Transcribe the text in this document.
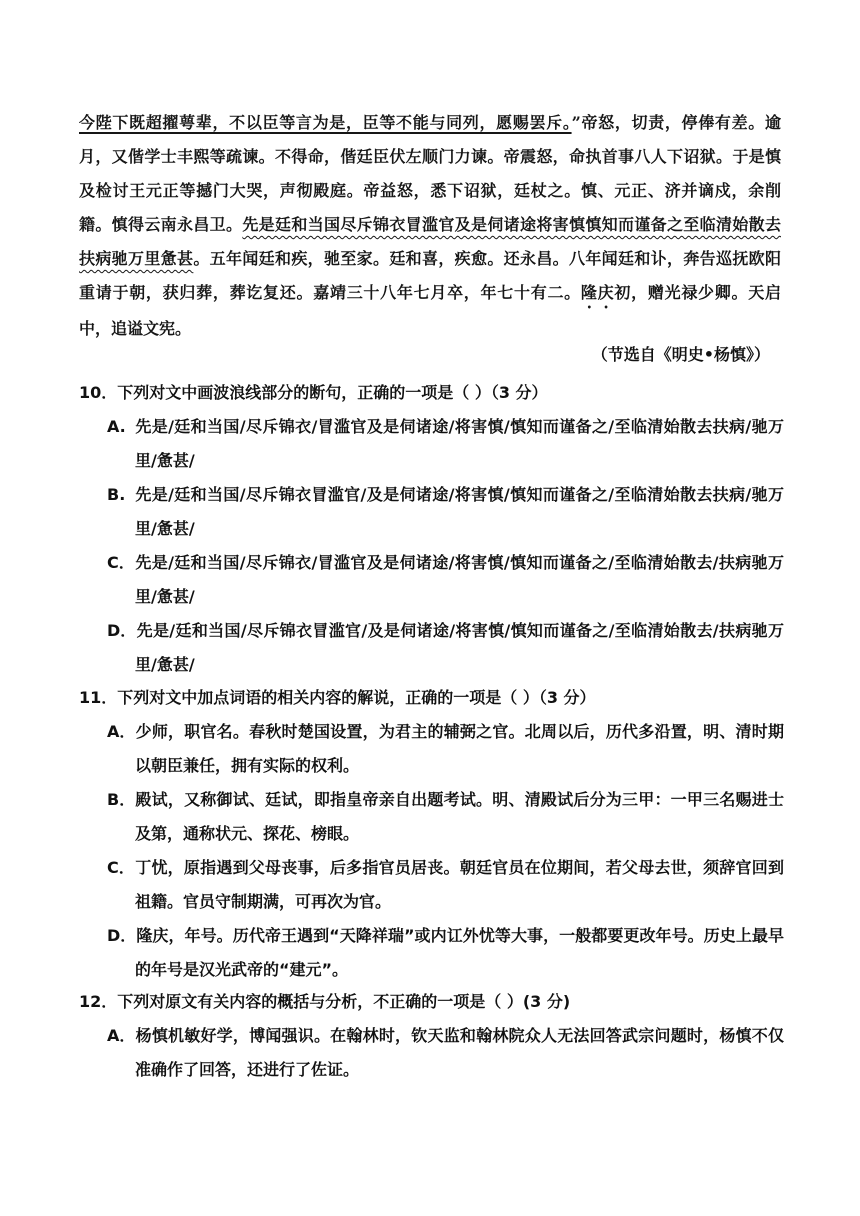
今陛下既超擢萼辈，不以臣等言为是，臣等不能与同列，愿赐罢斥。”帝怒，切责，停俸有差。逾月，又偕学士丰熙等疏谏。不得命，偕廷臣伏左顺门力谏。帝震怒，命执首事八人下诏狱。于是慎及检讨王元正等撼门大哭，声彻殿庭。帝益怒，悉下诏狱，廷杖之。慎、元正、济并谪戍，余削籍。慎得云南永昌卫。先是廷和当国尽斥锦衣冒滥官及是伺诸途将害慎慎知而谨备之至临清始散去扶病驰万里惫甚。五年闻廷和疾，驰至家。廷和喜，疾愈。还永昌。八年闻廷和讣，奔告巡抚欧阳重请于朝，获归葬，葬讫复还。嘉靖三十八年七月卒，年七十有二。隆庆初，赠光禄少卿。天启中，追谥文宪。

（节选自《明史•杨慎》）
10．下列对文中画波浪线部分的断句，正确的一项是（ ）（3 分）
A. 先是/廷和当国/尽斥锦衣/冒滥官及是伺诸途/将害慎/慎知而谨备之/至临清始散去扶病/驰万里/惫甚/
B. 先是/廷和当国/尽斥锦衣冒滥官/及是伺诸途/将害慎/慎知而谨备之/至临清始散去扶病/驰万里/惫甚/
C．先是/廷和当国/尽斥锦衣/冒滥官及是伺诸途/将害慎/慎知而谨备之/至临清始散去/扶病驰万里/惫甚/
D．先是/廷和当国/尽斥锦衣冒滥官/及是伺诸途/将害慎/慎知而谨备之/至临清始散去/扶病驰万里/惫甚/
11．下列对文中加点词语的相关内容的解说，正确的一项是（ ）（3 分）
A．少师，职官名。春秋时楚国设置，为君主的辅弼之官。北周以后，历代多沿置，明、清时期以朝臣兼任，拥有实际的权利。
B．殿试，又称御试、廷试，即指皇帝亲自出题考试。明、清殿试后分为三甲：一甲三名赐进士及第，通称状元、探花、榜眼。
C．丁忧，原指遇到父母丧事，后多指官员居丧。朝廷官员在位期间，若父母去世，须辞官回到祖籍。官员守制期满，可再次为官。
D．隆庆，年号。历代帝王遇到“天降祥瑞”或内讧外忧等大事，一般都要更改年号。历史上最早的年号是汉光武帝的“建元”。
12．下列对原文有关内容的概括与分析，不正确的一项是（ ）(3 分)
A．杨慎机敏好学，博闻强识。在翰林时，钦天监和翰林院众人无法回答武宗问题时，杨慎不仅准确作了回答，还进行了佐证。
